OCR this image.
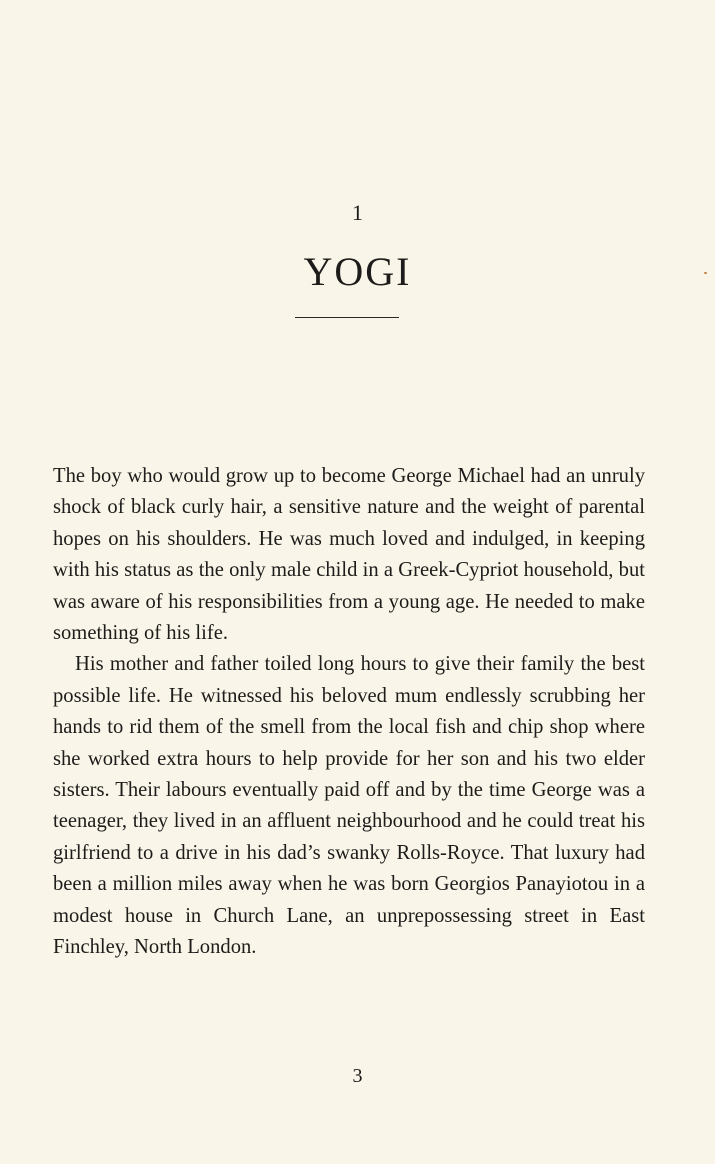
1
YOGI

The boy who would grow up to become George Michael had an unruly shock of black curly hair, a sensitive nature and the weight of parental hopes on his shoulders. He was much loved and indulged, in keeping with his status as the only male child in a Greek-Cypriot household, but was aware of his responsibilities from a young age. He needed to make something of his life.

His mother and father toiled long hours to give their family the best possible life. He witnessed his beloved mum endlessly scrubbing her hands to rid them of the smell from the local fish and chip shop where she worked extra hours to help provide for her son and his two elder sisters. Their labours eventually paid off and by the time George was a teenager, they lived in an affluent neighbourhood and he could treat his girlfriend to a drive in his dad’s swanky Rolls-Royce. That luxury had been a million miles away when he was born Georgios Panayiotou in a modest house in Church Lane, an unprepossessing street in East Finchley, North London.

3
